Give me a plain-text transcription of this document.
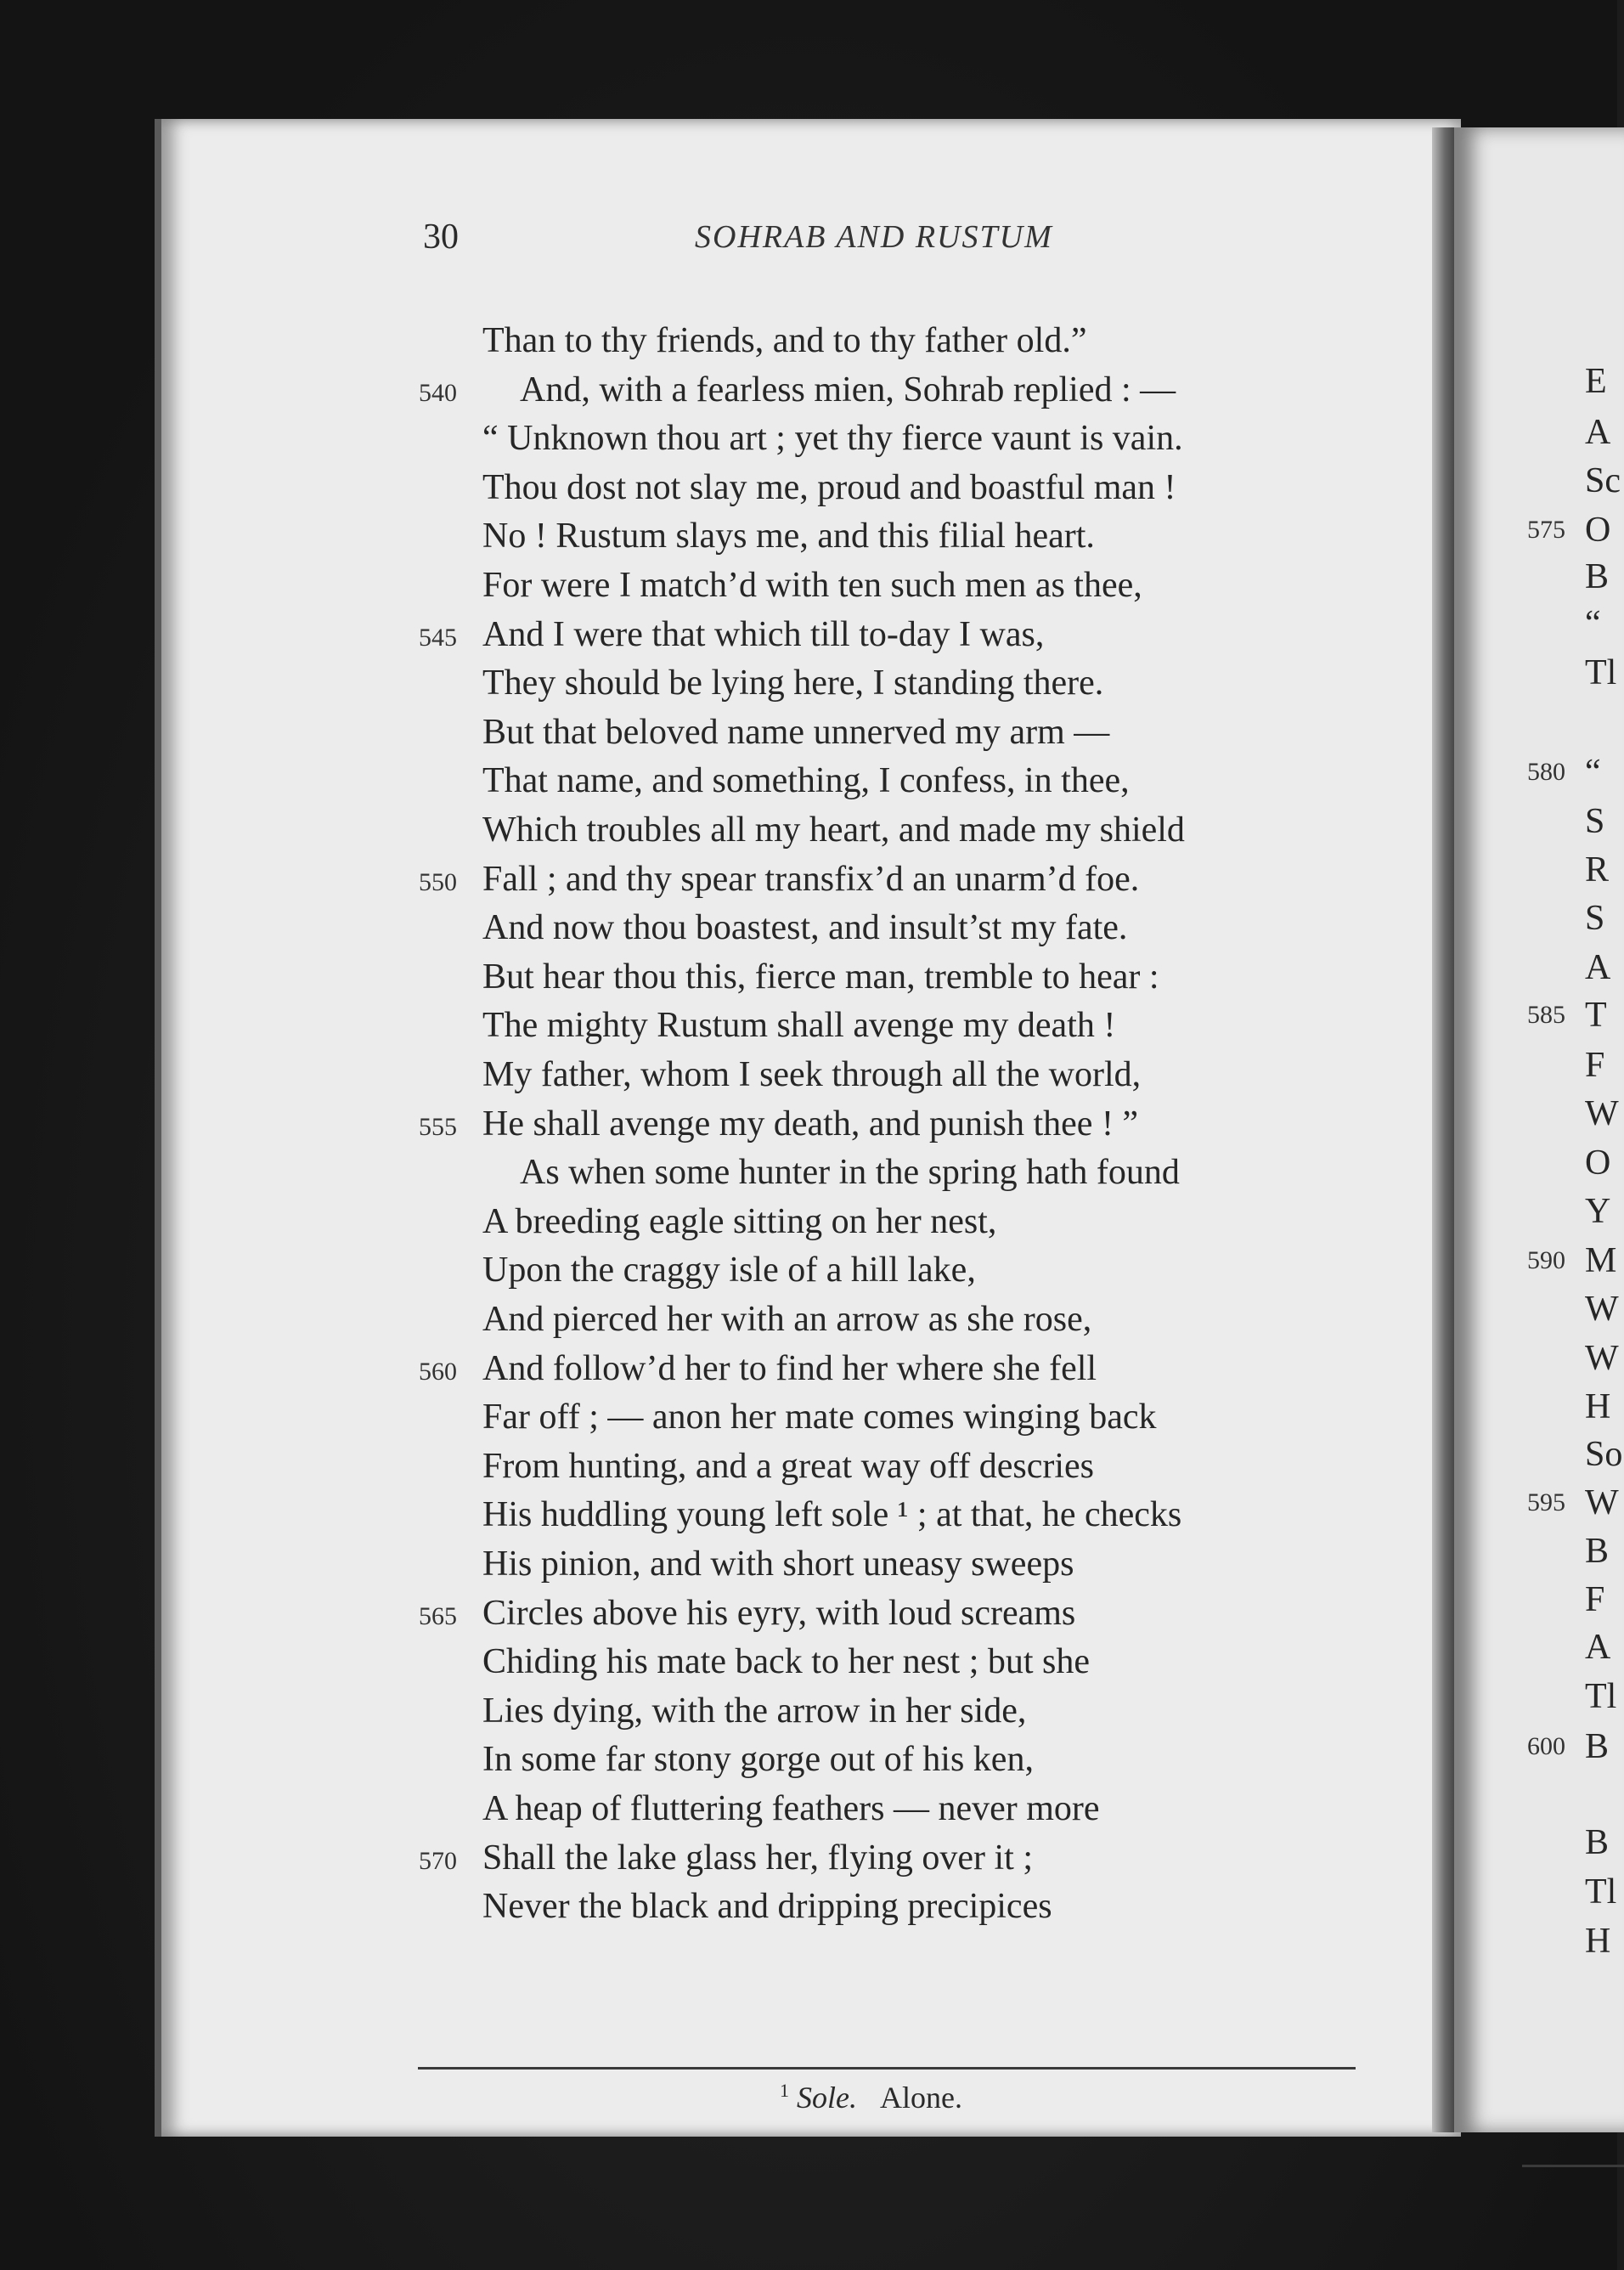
30	SOHRAB AND RUSTUM
Than to thy friends, and to thy father old.”
540 And, with a fearless mien, Sohrab replied : —
“ Unknown thou art ; yet thy fierce vaunt is vain.
Thou dost not slay me, proud and boastful man !
No ! Rustum slays me, and this filial heart.
For were I match’d with ten such men as thee,
545 And I were that which till to-day I was,
They should be lying here, I standing there.
But that beloved name unnerved my arm —
That name, and something, I confess, in thee,
Which troubles all my heart, and made my shield
550 Fall ; and thy spear transfix’d an unarm’d foe.
And now thou boastest, and insult’st my fate.
But hear thou this, fierce man, tremble to hear :
The mighty Rustum shall avenge my death !
My father, whom I seek through all the world,
555 He shall avenge my death, and punish thee ! ”
As when some hunter in the spring hath found
A breeding eagle sitting on her nest,
Upon the craggy isle of a hill lake,
And pierced her with an arrow as she rose,
560 And follow’d her to find her where she fell
Far off ; — anon her mate comes winging back
From hunting, and a great way off descries
His huddling young left sole ¹ ; at that, he checks
His pinion, and with short uneasy sweeps
565 Circles above his eyry, with loud screams
Chiding his mate back to her nest ; but she
Lies dying, with the arrow in her side,
In some far stony gorge out of his ken,
A heap of fluttering feathers — never more
570 Shall the lake glass her, flying over it ;
Never the black and dripping precipices
$^1$ Sole. Alone.
E
A
Sc
575 O
B
“
Tl
580 “
S
R
S
A
585 T
F
W
O
Y
590 M
W
W
H
So
595 W
B
F
A
Tl
600 B
B
Tl
H
